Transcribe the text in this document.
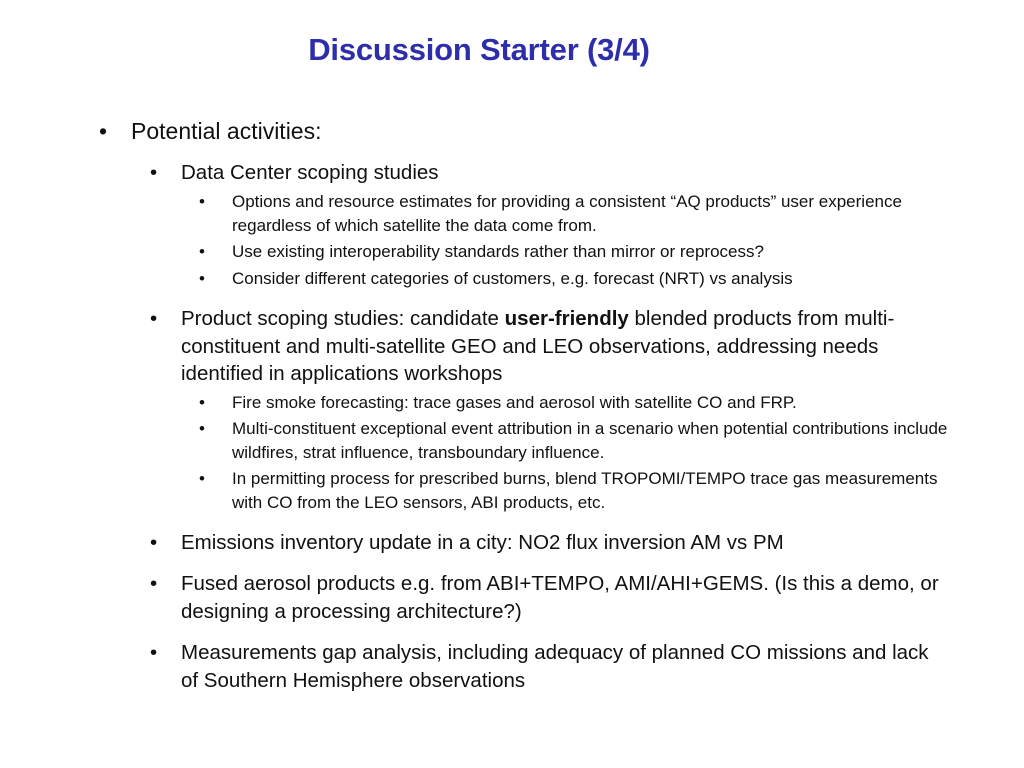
Discussion Starter (3/4)
• Potential activities:
• Data Center scoping studies
• Options and resource estimates for providing a consistent “AQ products” user experience regardless of which satellite the data come from.
• Use existing interoperability standards rather than mirror or reprocess?
• Consider different categories of customers, e.g. forecast (NRT) vs analysis
• Product scoping studies: candidate user-friendly blended products from multi-constituent and multi-satellite GEO and LEO observations, addressing needs identified in applications workshops
• Fire smoke forecasting: trace gases and aerosol with satellite CO and FRP.
• Multi-constituent exceptional event attribution in a scenario when potential contributions include wildfires, strat influence, transboundary influence.
• In permitting process for prescribed burns, blend TROPOMI/TEMPO trace gas measurements with CO from the LEO sensors, ABI products, etc.
• Emissions inventory update in a city: NO2 flux inversion AM vs PM
• Fused aerosol products e.g. from ABI+TEMPO, AMI/AHI+GEMS. (Is this a demo, or designing a processing architecture?)
• Measurements gap analysis, including adequacy of planned CO missions and lack of Southern Hemisphere observations
